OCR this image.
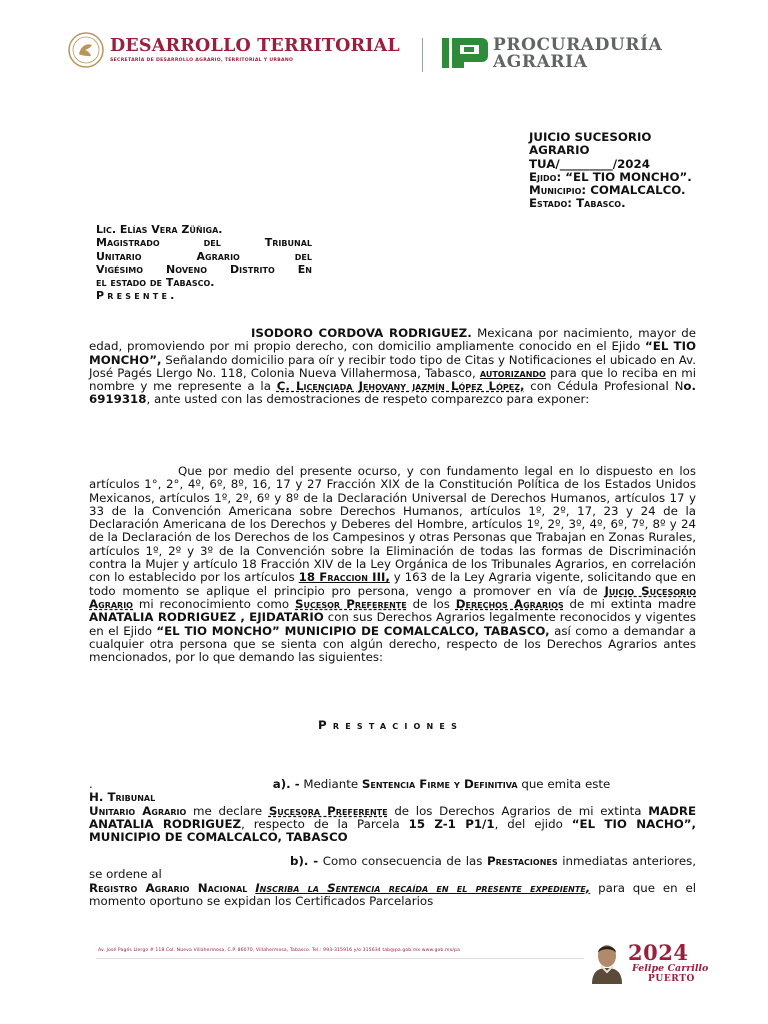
DESARROLLO TERRITORIAL
SECRETARÍA DE DESARROLLO AGRARIO, TERRITORIAL Y URBANO
PROCURADURÍA
AGRARIA
JUICIO SUCESORIO
AGRARIO
TUA/_________/2024
Ejido: “EL TIO MONCHO”.
Municipio: COMALCALCO.
Estado: Tabasco.
Lic. Elías Vera Züñiga.
Magistrado del Tribunal
Unitario Agrario del
Vigésimo Noveno Distrito En
el estado de Tabasco.
Presente.
ISODORO CORDOVA RODRIGUEZ. Mexicana por nacimiento, mayor de edad, promoviendo por mi propio derecho, con domicilio ampliamente conocido en el Ejido “EL TIO MONCHO”, Señalando domicilio para oír y recibir todo tipo de Citas y Notificaciones el ubicado en Av. José Pagés Llergo No. 118, Colonia Nueva Villahermosa, Tabasco, autorizando para que lo reciba en mi nombre y me represente a la C. Licenciada Jehovany jazmín López López, con Cédula Profesional No. 6919318, ante usted con las demostraciones de respeto comparezco para exponer:
Que por medio del presente ocurso, y con fundamento legal en lo dispuesto en los artículos 1°, 2°, 4º, 6º, 8º, 16, 17 y 27 Fracción XIX de la Constitución Política de los Estados Unidos Mexicanos, artículos 1º, 2º, 6º y 8º de la Declaración Universal de Derechos Humanos, artículos 17 y 33 de la Convención Americana sobre Derechos Humanos, artículos 1º, 2º, 17, 23 y 24 de la Declaración Americana de los Derechos y Deberes del Hombre, artículos 1º, 2º, 3º, 4º, 6º, 7º, 8º y 24 de la Declaración de los Derechos de los Campesinos y otras Personas que Trabajan en Zonas Rurales, artículos 1º, 2º y 3º de la Convención sobre la Eliminación de todas las formas de Discriminación contra la Mujer y artículo 18 Fracción XIV de la Ley Orgánica de los Tribunales Agrarios, en correlación con lo establecido por los artículos 18 Fraccion III, y 163 de la Ley Agraria vigente, solicitando que en todo momento se aplique el principio pro persona, vengo a promover en vía de Juicio Sucesorio Agrario mi reconocimiento como Sucesor Preferente de los Derechos Agrarios de mi extinta madre ANATALIA RODRIGUEZ , EJIDATARIO con sus Derechos Agrarios legalmente reconocidos y vigentes en el Ejido “EL TIO MONCHO” MUNICIPIO DE COMALCALCO, TABASCO, así como a demandar a cualquier otra persona que se sienta con algún derecho, respecto de los Derechos Agrarios antes mencionados, por lo que demando las siguientes:
Prestaciones
.	a). - Mediante Sentencia Firme y Definitiva que emita este
H. Tribunal
Unitario Agrario me declare Sucesora Preferente de los Derechos Agrarios de mi extinta MADRE ANATALIA RODRIGUEZ, respecto de la Parcela 15 Z-1 P1/1, del ejido “EL TIO NACHO”, MUNICIPIO DE COMALCALCO, TABASCO
b). - Como consecuencia de las Prestaciones inmediatas anteriores, se ordene al
Registro Agrario Nacional Inscriba la Sentencia recaída en el presente expediente, para que en el momento oportuno se expidan los Certificados Parcelarios
Av. José Pagés Llergo # 118 Col. Nueva Villahermosa, C.P. 86070, Villahermosa, Tabasco. Tel.: 993-315916 y/o 315634 tab@pa.gob.mx www.gob.mx/pa	2024
Felipe Carrillo
PUERTO
